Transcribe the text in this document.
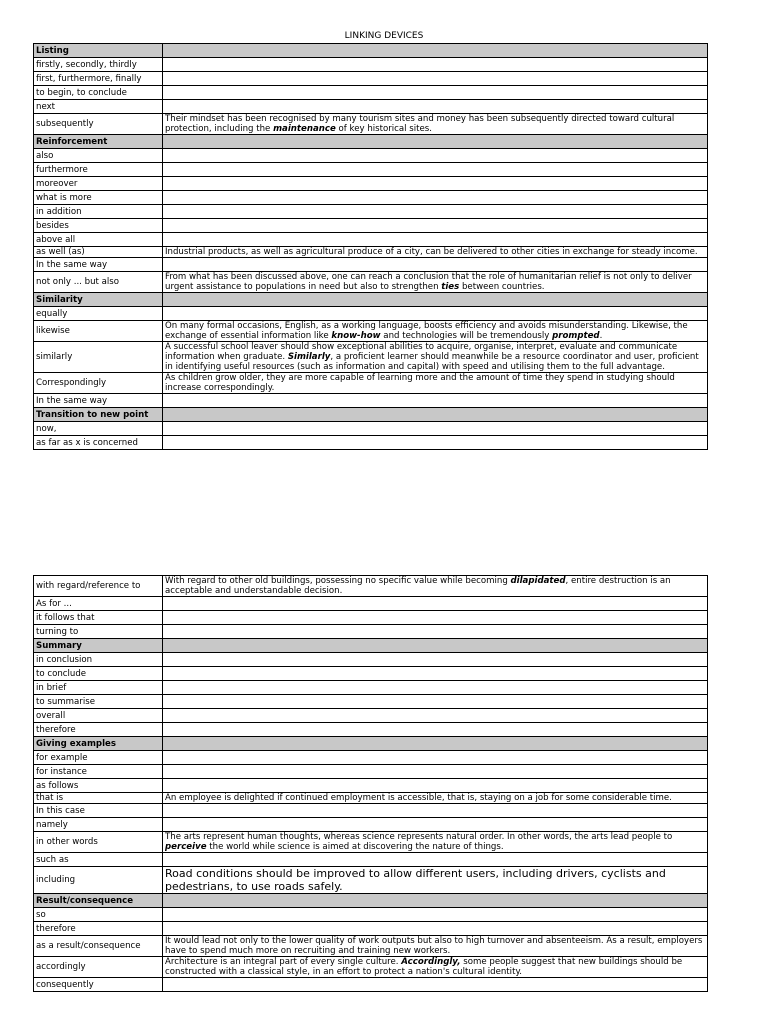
LINKING DEVICES
Listing	
firstly, secondly, thirdly	
first, furthermore, finally	
to begin, to conclude	
next	
subsequently	Their mindset has been recognised by many tourism sites and money has been subsequently directed toward cultural protection, including the maintenance of key historical sites.
Reinforcement	
also	
furthermore	
moreover	
what is more	
in addition	
besides	
above all	
as well (as)	Industrial products, as well as agricultural produce of a city, can be delivered to other cities in exchange for steady income.
In the same way	
not only ... but also	From what has been discussed above, one can reach a conclusion that the role of humanitarian relief is not only to deliver urgent assistance to populations in need but also to strengthen ties between countries.
Similarity	
equally	
likewise	On many formal occasions, English, as a working language, boosts efficiency and avoids misunderstanding. Likewise, the exchange of essential information like know-how and technologies will be tremendously prompted.
similarly	A successful school leaver should show exceptional abilities to acquire, organise, interpret, evaluate and communicate information when graduate. Similarly, a proficient learner should meanwhile be a resource coordinator and user, proficient in identifying useful resources (such as information and capital) with speed and utilising them to the full advantage.
Correspondingly	As children grow older, they are more capable of learning more and the amount of time they spend in studying should increase correspondingly.
In the same way	
Transition to new point	
now,	
as far as x is concerned	
with regard/reference to	With regard to other old buildings, possessing no specific value while becoming dilapidated, entire destruction is an acceptable and understandable decision.
As for ...	
it follows that	
turning to	
Summary	
in conclusion	
to conclude	
in brief	
to summarise	
overall	
therefore	
Giving examples	
for example	
for instance	
as follows	
that is	An employee is delighted if continued employment is accessible, that is, staying on a job for some considerable time.
In this case	
namely	
in other words	The arts represent human thoughts, whereas science represents natural order. In other words, the arts lead people to perceive the world while science is aimed at discovering the nature of things.
such as	
including	Road conditions should be improved to allow different users, including drivers, cyclists and pedestrians, to use roads safely.
Result/consequence	
so	
therefore	
as a result/consequence	It would lead not only to the lower quality of work outputs but also to high turnover and absenteeism. As a result, employers have to spend much more on recruiting and training new workers.
accordingly	Architecture is an integral part of every single culture. Accordingly, some people suggest that new buildings should be constructed with a classical style, in an effort to protect a nation's cultural identity.
consequently	
